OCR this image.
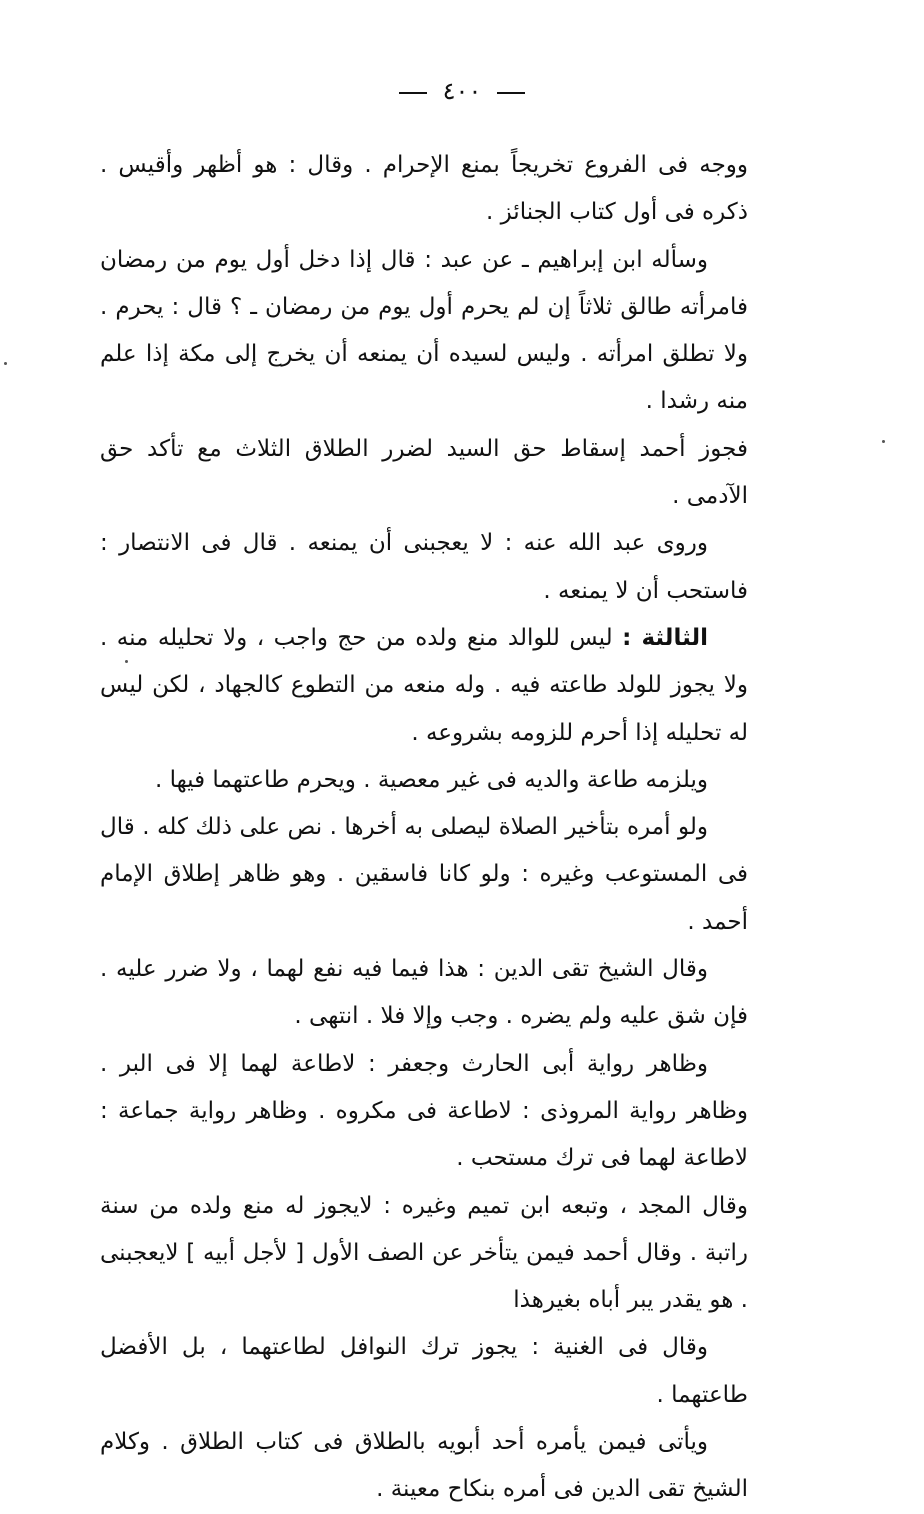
٤٠٠

ووجه فى الفروع تخريجاً بمنع الإحرام . وقال : هو أظهر وأقيس . ذكره فى أول كتاب الجنائز .

وسأله ابن إبراهيم ـ عن عبد : قال إذا دخل أول يوم من رمضان فامرأته طالق ثلاثاً إن لم يحرم أول يوم من رمضان ـ ؟ قال : يحرم . ولا تطلق امرأته . وليس لسيده أن يمنعه أن يخرج إلى مكة إذا علم منه رشدا .

فجوز أحمد إسقاط حق السيد لضرر الطلاق الثلاث مع تأكد حق الآدمى .

وروى عبد الله عنه : لا يعجبنى أن يمنعه . قال فى الانتصار : فاستحب أن لا يمنعه .

الثالثة : ليس للوالد منع ولده من حج واجب ، ولا تحليله منه . ولا يجوز للولد طاعته فيه . وله منعه من التطوع كالجهاد ، لكن ليس له تحليله إذا أحرم للزومه بشروعه .

ويلزمه طاعة والديه فى غير معصية . ويحرم طاعتهما فيها .

ولو أمره بتأخير الصلاة ليصلى به أخرها . نص على ذلك كله . قال فى المستوعب وغيره : ولو كانا فاسقين . وهو ظاهر إطلاق الإمام أحمد .

وقال الشيخ تقى الدين : هذا فيما فيه نفع لهما ، ولا ضرر عليه . فإن شق عليه ولم يضره . وجب وإلا فلا . انتهى .

وظاهر رواية أبى الحارث وجعفر : لاطاعة لهما إلا فى البر . وظاهر رواية المروذى : لاطاعة فى مكروه . وظاهر رواية جماعة : لاطاعة لهما فى ترك مستحب .

وقال المجد ، وتبعه ابن تميم وغيره : لايجوز له منع ولده من سنة راتبة . وقال أحمد فيمن يتأخر عن الصف الأول [ لأجل أبيه ] لايعجبنى . هو يقدر يبر أباه بغيرهذا

وقال فى الغنية : يجوز ترك النوافل لطاعتهما ، بل الأفضل طاعتهما .

ويأتى فيمن يأمره أحد أبويه بالطلاق فى كتاب الطلاق . وكلام الشيخ تقى الدين فى أمره بنكاح معينة .
